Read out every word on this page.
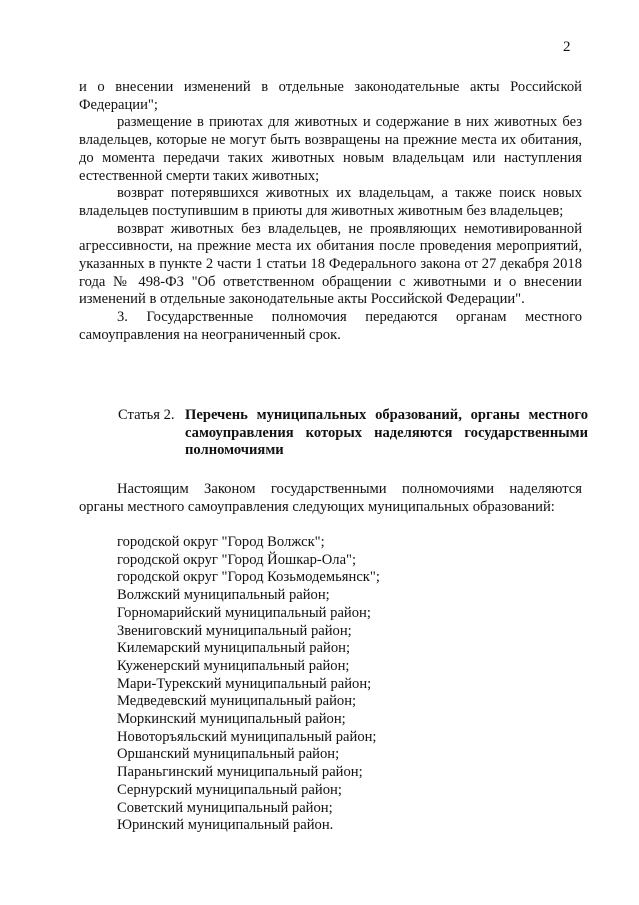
2

и о внесении изменений в отдельные законодательные акты Российской Федерации";

размещение в приютах для животных и содержание в них животных без владельцев, которые не могут быть возвращены на прежние места их обитания, до момента передачи таких животных новым владельцам или наступления естественной смерти таких животных;

возврат потерявшихся животных их владельцам, а также поиск новых владельцев поступившим в приюты для животных животным без владельцев;

возврат животных без владельцев, не проявляющих немотивированной агрессивности, на прежние места их обитания после проведения мероприятий, указанных в пункте 2 части 1 статьи 18 Федерального закона от 27 декабря 2018 года № 498-ФЗ "Об ответственном обращении с животными и о внесении изменений в отдельные законодательные акты Российской Федерации".

3. Государственные полномочия передаются органам местного самоуправления на неограниченный срок.

Статья 2. Перечень муниципальных образований, органы местного самоуправления которых наделяются государственными полномочиями

Настоящим Законом государственными полномочиями наделяются органы местного самоуправления следующих муниципальных образований:

городской округ "Город Волжск";
городской округ "Город Йошкар-Ола";
городской округ "Город Козьмодемьянск";
Волжский муниципальный район;
Горномарийский муниципальный район;
Звениговский муниципальный район;
Килемарский муниципальный район;
Куженерский муниципальный район;
Мари-Турекский муниципальный район;
Медведевский муниципальный район;
Моркинский муниципальный район;
Новоторъяльский муниципальный район;
Оршанский муниципальный район;
Параньгинский муниципальный район;
Сернурский муниципальный район;
Советский муниципальный район;
Юринский муниципальный район.
